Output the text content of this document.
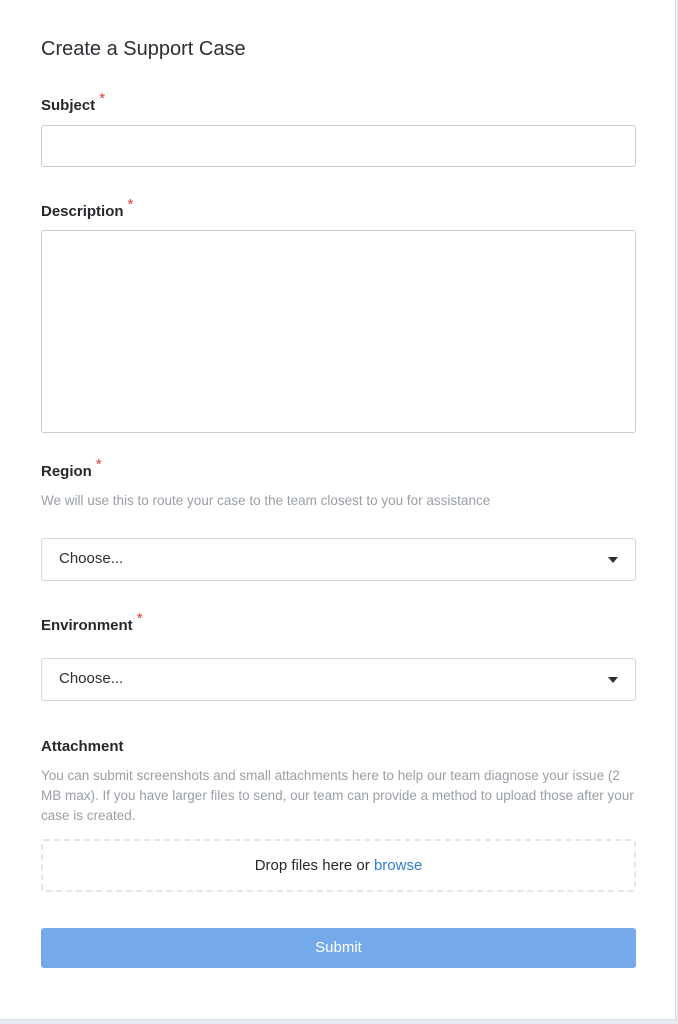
Create a Support Case
Subject *
Description *
Region *
We will use this to route your case to the team closest to you for assistance
Choose...
Environment *
Choose...
Attachment
You can submit screenshots and small attachments here to help our team diagnose your issue (2 MB max). If you have larger files to send, our team can provide a method to upload those after your case is created.
Drop files here or browse
Submit
